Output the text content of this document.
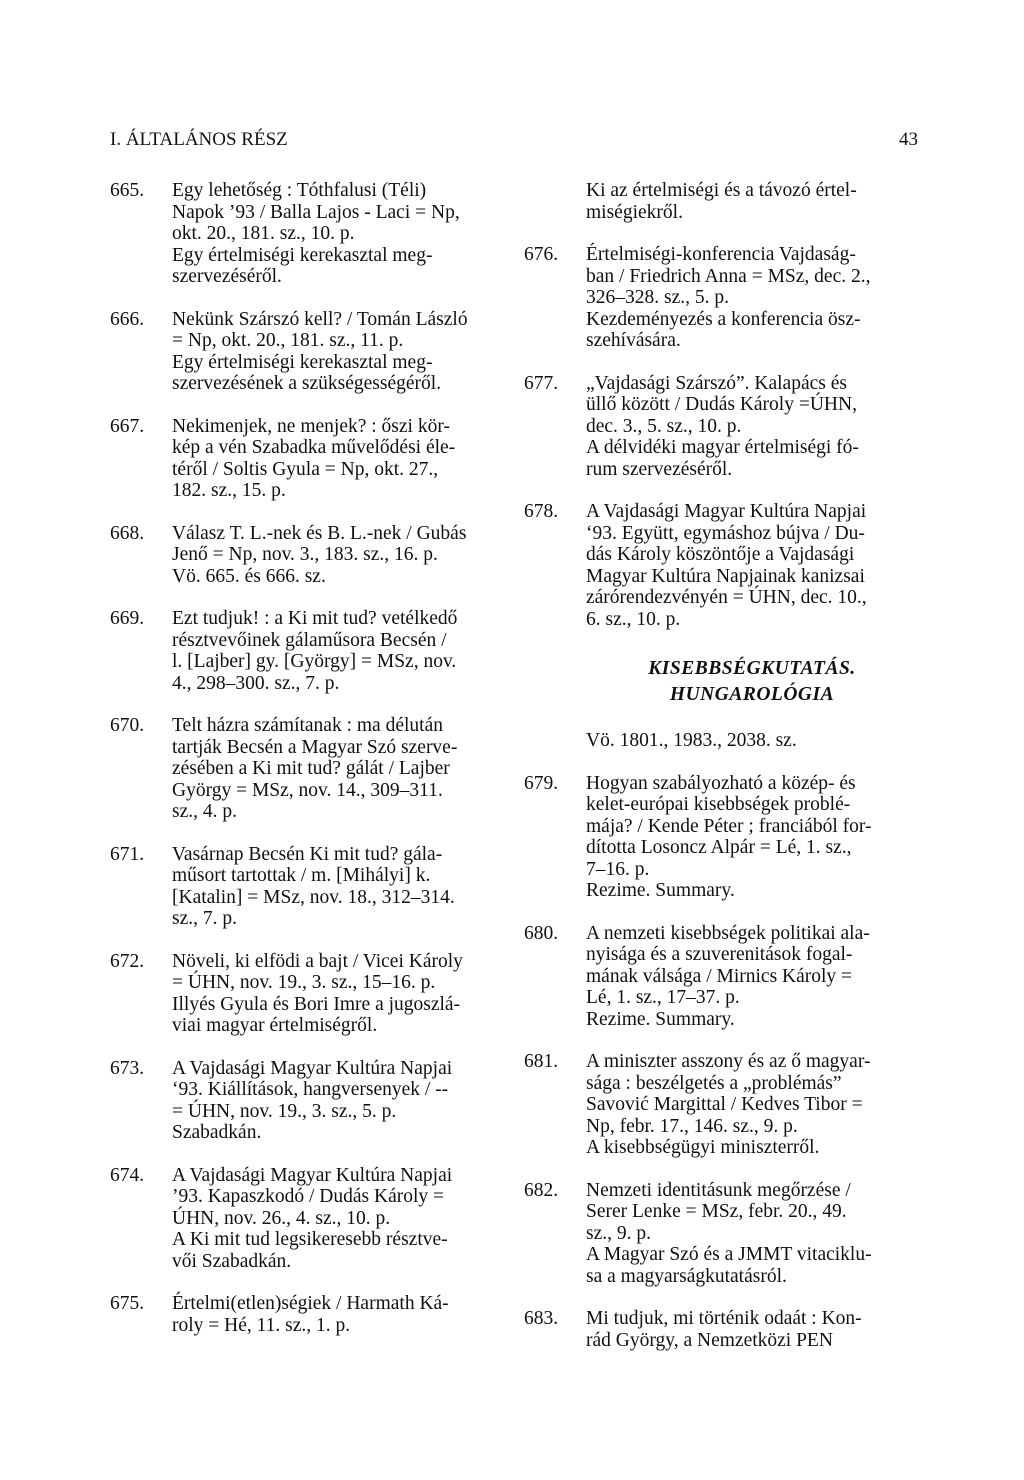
I. ÁLTALÁNOS RÉSZ	43
665. Egy lehetőség : Tóthfalusi (Téli)
Napok ’93 / Balla Lajos - Laci = Np,
okt. 20., 181. sz., 10. p.
Egy értelmiségi kerekasztal meg-
szervezéséről.
666. Nekünk Szárszó kell? / Tomán László
= Np, okt. 20., 181. sz., 11. p.
Egy értelmiségi kerekasztal meg-
szervezésének a szükségességéről.
667. Nekimenjek, ne menjek? : őszi kör-
kép a vén Szabadka művelődési éle-
téről / Soltis Gyula = Np, okt. 27.,
182. sz., 15. p.
668. Válasz T. L.-nek és B. L.-nek / Gubás
Jenő = Np, nov. 3., 183. sz., 16. p.
Vö. 665. és 666. sz.
669. Ezt tudjuk! : a Ki mit tud? vetélkedő
résztvevőinek gálaműsora Becsén /
l. [Lajber] gy. [György] = MSz, nov.
4., 298–300. sz., 7. p.
670. Telt házra számítanak : ma délután
tartják Becsén a Magyar Szó szerve-
zésében a Ki mit tud? gálát / Lajber
György = MSz, nov. 14., 309–311.
sz., 4. p.
671. Vasárnap Becsén Ki mit tud? gála-
műsort tartottak / m. [Mihályi] k.
[Katalin] = MSz, nov. 18., 312–314.
sz., 7. p.
672. Növeli, ki elfödi a bajt / Vicei Károly
= ÚHN, nov. 19., 3. sz., 15–16. p.
Illyés Gyula és Bori Imre a jugoszlá-
viai magyar értelmiségről.
673. A Vajdasági Magyar Kultúra Napjai
‘93. Kiállítások, hangversenyek / --
= ÚHN, nov. 19., 3. sz., 5. p.
Szabadkán.
674. A Vajdasági Magyar Kultúra Napjai
’93. Kapaszkodó / Dudás Károly =
ÚHN, nov. 26., 4. sz., 10. p.
A Ki mit tud legsikeresebb résztve-
vői Szabadkán.
675. Értelmi(etlen)ségiek / Harmath Ká-
roly = Hé, 11. sz., 1. p.
Ki az értelmiségi és a távozó értel-
miségiekről.
676. Értelmiségi-konferencia Vajdaság-
ban / Friedrich Anna = MSz, dec. 2.,
326–328. sz., 5. p.
Kezdeményezés a konferencia ösz-
szehívására.
677. „Vajdasági Szárszó”. Kalapács és
üllő között / Dudás Károly =ÚHN,
dec. 3., 5. sz., 10. p.
A délvidéki magyar értelmiségi fó-
rum szervezéséről.
678. A Vajdasági Magyar Kultúra Napjai
‘93. Együtt, egymáshoz bújva / Du-
dás Károly köszöntője a Vajdasági
Magyar Kultúra Napjainak kanizsai
zárórendezvényén = ÚHN, dec. 10.,
6. sz., 10. p.
KISEBBSÉGKUTATÁS.
HUNGAROLÓGIA
Vö. 1801., 1983., 2038. sz.
679. Hogyan szabályozható a közép- és
kelet-európai kisebbségek problé-
mája? / Kende Péter ; franciából for-
dította Losoncz Alpár = Lé, 1. sz.,
7–16. p.
Rezime. Summary.
680. A nemzeti kisebbségek politikai ala-
nyisága és a szuverenitások fogal-
mának válsága / Mirnics Károly =
Lé, 1. sz., 17–37. p.
Rezime. Summary.
681. A miniszter asszony és az ő magyar-
sága : beszélgetés a „problémás”
Savović Margittal / Kedves Tibor =
Np, febr. 17., 146. sz., 9. p.
A kisebbségügyi miniszterről.
682. Nemzeti identitásunk megőrzése /
Serer Lenke = MSz, febr. 20., 49.
sz., 9. p.
A Magyar Szó és a JMMT vitaciklu-
sa a magyarságkutatásról.
683. Mi tudjuk, mi történik odaát : Kon-
rád György, a Nemzetközi PEN
